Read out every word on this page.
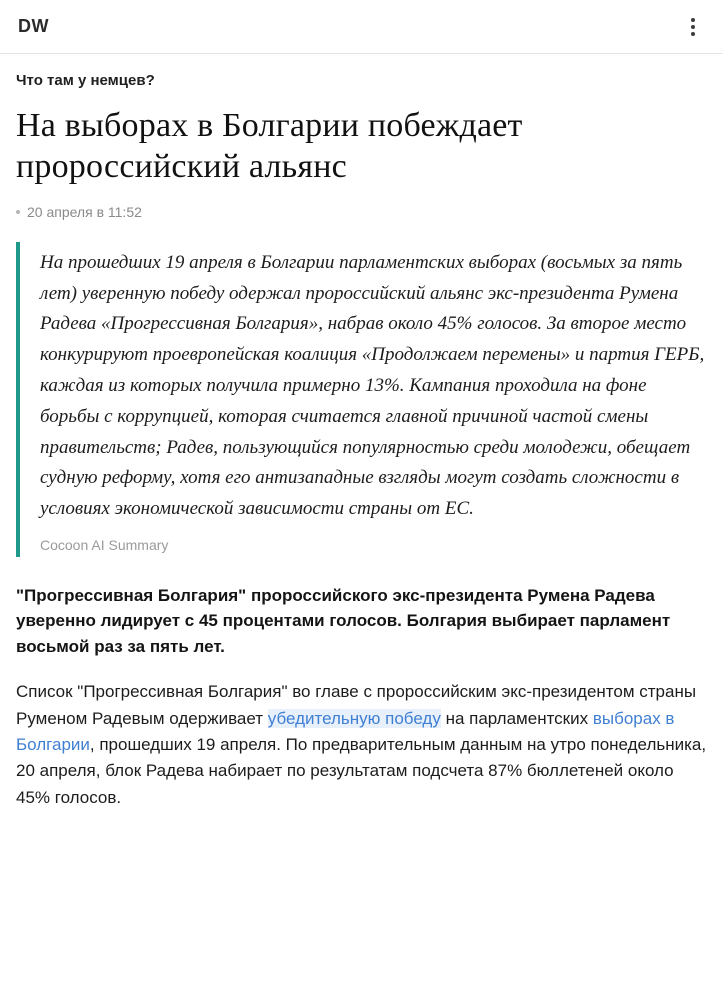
DW
Что там у немцев?
На выборах в Болгарии побеждает пророссийский альянс
20 апреля в 11:52

На прошедших 19 апреля в Болгарии парламентских выборах (восьмых за пять лет) уверенную победу одержал пророссийский альянс экс-президента Румена Радева «Прогрессивная Болгария», набрав около 45% голосов. За второе место конкурируют проевропейская коалиция «Продолжаем перемены» и партия ГЕРБ, каждая из которых получила примерно 13%. Кампания проходила на фоне борьбы с коррупцией, которая считается главной причиной частой смены правительств; Радев, пользующийся популярностью среди молодежи, обещает судную реформу, хотя его антизападные взгляды могут создать сложности в условиях экономической зависимости страны от ЕС.

Cocoon AI Summary
"Прогрессивная Болгария" пророссийского экс-президента Румена Радева уверенно лидирует с 45 процентами голосов. Болгария выбирает парламент восьмой раз за пять лет.
Список "Прогрессивная Болгария" во главе с пророссийским экс-президентом страны Руменом Радевым одерживает убедительную победу на парламентских выборах в Болгарии, прошедших 19 апреля. По предварительным данным на утро понедельника, 20 апреля, блок Радева набирает по результатам подсчета 87% бюллетеней около 45% голосов.
